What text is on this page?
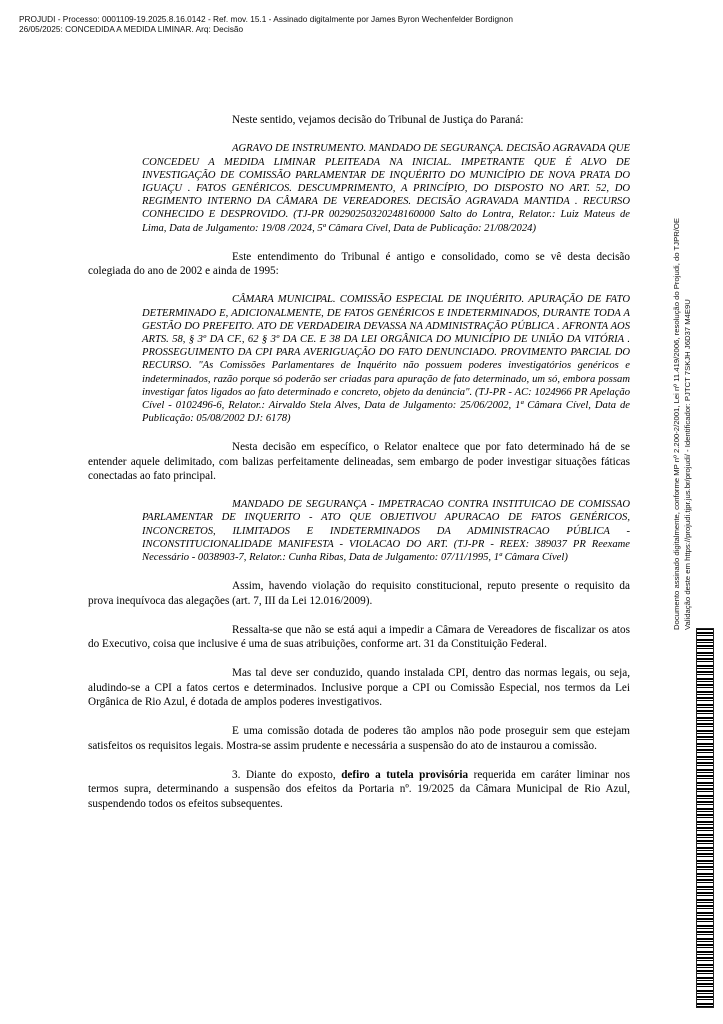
PROJUDI - Processo: 0001109-19.2025.8.16.0142 - Ref. mov. 15.1 - Assinado digitalmente por James Byron Wechenfelder Bordignon
26/05/2025: CONCEDIDA A MEDIDA LIMINAR. Arq: Decisão

Neste sentido, vejamos decisão do Tribunal de Justiça do Paraná:

AGRAVO DE INSTRUMENTO. MANDADO DE SEGURANÇA. DECISÃO AGRAVADA QUE CONCEDEU A MEDIDA LIMINAR PLEITEADA NA INICIAL. IMPETRANTE QUE É ALVO DE INVESTIGAÇÃO DE COMISSÃO PARLAMENTAR DE INQUÉRITO DO MUNICÍPIO DE NOVA PRATA DO IGUAÇU . FATOS GENÉRICOS. DESCUMPRIMENTO, A PRINCÍPIO, DO DISPOSTO NO ART. 52, DO REGIMENTO INTERNO DA CÂMARA DE VEREADORES. DECISÃO AGRAVADA MANTIDA . RECURSO CONHECIDO E DESPROVIDO. (TJ-PR 00290250320248160000 Salto do Lontra, Relator.: Luiz Mateus de Lima, Data de Julgamento: 19/08 /2024, 5ª Câmara Cível, Data de Publicação: 21/08/2024)

Este entendimento do Tribunal é antigo e consolidado, como se vê desta decisão colegiada do ano de 2002 e ainda de 1995:

CÂMARA MUNICIPAL. COMISSÃO ESPECIAL DE INQUÉRITO. APURAÇÃO DE FATO DETERMINADO E, ADICIONALMENTE, DE FATOS GENÉRICOS E INDETERMINADOS, DURANTE TODA A GESTÃO DO PREFEITO. ATO DE VERDADEIRA DEVASSA NA ADMINISTRAÇÃO PÚBLICA . AFRONTA AOS ARTS. 58, § 3º DA CF., 62 § 3º DA CE. E 38 DA LEI ORGÂNICA DO MUNICÍPIO DE UNIÃO DA VITÓRIA . PROSSEGUIMENTO DA CPI PARA AVERIGUAÇÃO DO FATO DENUNCIADO. PROVIMENTO PARCIAL DO RECURSO. "As Comissões Parlamentares de Inquérito não possuem poderes investigatórios genéricos e indeterminados, razão porque só poderão ser criadas para apuração de fato determinado, um só, embora possam investigar fatos ligados ao fato determinado e concreto, objeto da denúncia". (TJ-PR - AC: 1024966 PR Apelação Cível - 0102496-6, Relator.: Airvaldo Stela Alves, Data de Julgamento: 25/06/2002, 1ª Câmara Cível, Data de Publicação: 05/08/2002 DJ: 6178)

Nesta decisão em específico, o Relator enaltece que por fato determinado há de se entender aquele delimitado, com balizas perfeitamente delineadas, sem embargo de poder investigar situações fáticas conectadas ao fato principal.

MANDADO DE SEGURANÇA - IMPETRACAO CONTRA INSTITUICAO DE COMISSAO PARLAMENTAR DE INQUERITO - ATO QUE OBJETIVOU APURACAO DE FATOS GENÉRICOS, INCONCRETOS, ILIMITADOS E INDETERMINADOS DA ADMINISTRACAO PÚBLICA - INCONSTITUCIONALIDADE MANIFESTA - VIOLACAO DO ART. (TJ-PR - REEX: 389037 PR Reexame Necessário - 0038903-7, Relator.: Cunha Ribas, Data de Julgamento: 07/11/1995, 1ª Câmara Cível)

Assim, havendo violação do requisito constitucional, reputo presente o requisito da prova inequívoca das alegações (art. 7, III da Lei 12.016/2009).

Ressalta-se que não se está aqui a impedir a Câmara de Vereadores de fiscalizar os atos do Executivo, coisa que inclusive é uma de suas atribuições, conforme art. 31 da Constituição Federal.

Mas tal deve ser conduzido, quando instalada CPI, dentro das normas legais, ou seja, aludindo-se a CPI a fatos certos e determinados. Inclusive porque a CPI ou Comissão Especial, nos termos da Lei Orgânica de Rio Azul, é dotada de amplos poderes investigativos.

E uma comissão dotada de poderes tão amplos não pode proseguir sem que estejam satisfeitos os requisitos legais. Mostra-se assim prudente e necessária a suspensão do ato de instaurou a comissão.

3. Diante do exposto, defiro a tutela provisória requerida em caráter liminar nos termos supra, determinando a suspensão dos efeitos da Portaria nº. 19/2025 da Câmara Municipal de Rio Azul, suspendendo todos os efeitos subsequentes.

Documento assinado digitalmente, conforme MP nº 2.200-2/2001, Lei nº 11.419/2006, resolução do Projudi, do TJPR/OE Validação deste em https://projudi.tjpr.jus.br/projudi/ - Identificador: PJTCT 7SKJH J6D37 M4E9U
